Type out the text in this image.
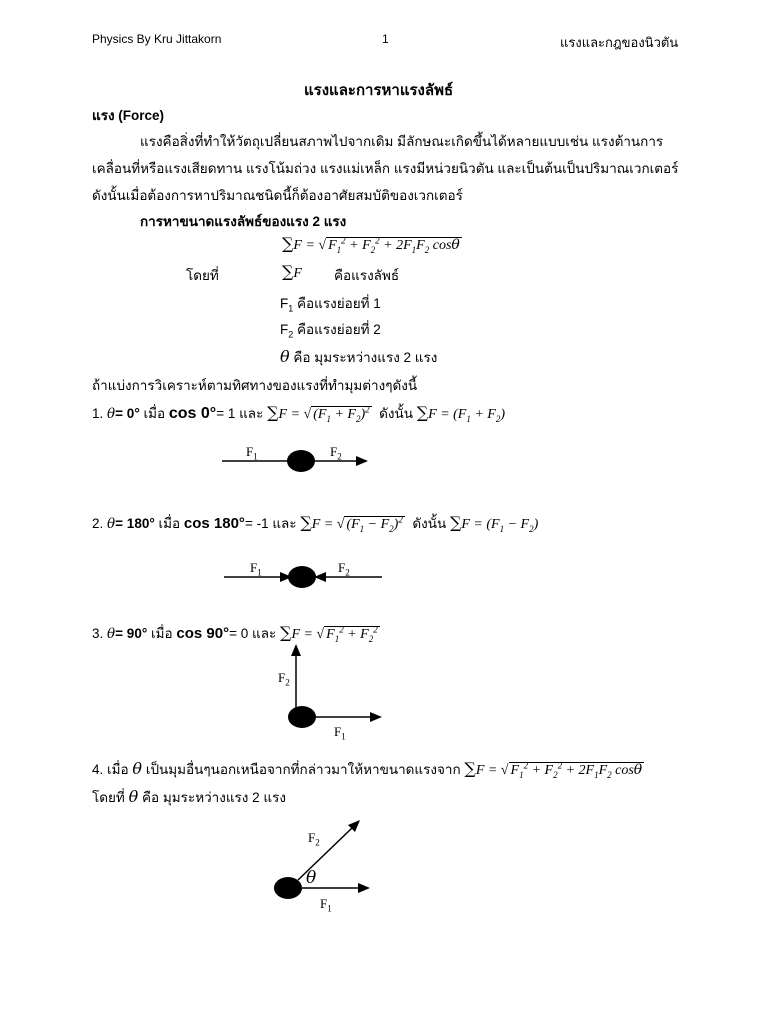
Physics By Kru Jittakorn	1	แรงและกฎของนิวตัน
แรงและการหาแรงลัพธ์
แรง (Force)
แรงคือสิ่งที่ทำให้วัตถุเปลี่ยนสภาพไปจากเดิม มีลักษณะเกิดขึ้นได้หลายแบบเช่น แรงต้านการ
เคลื่อนที่หรือแรงเสียดทาน แรงโน้มถ่วง แรงแม่เหล็ก แรงมีหน่วยนิวตัน และเป็นต้นเป็นปริมาณเวกเตอร์
ดังนั้นเมื่อต้องการหาปริมาณชนิดนี้ก็ต้องอาศัยสมบัติของเวกเตอร์
การหาขนาดแรงลัพธ์ของแรง 2 แรง
∑F = √ $F_1^2 + F_2^2 + 2F_1F_2$ cosθ
โดยที่	∑F คือแรงลัพธ์
$F_1$ คือแรงย่อยที่ 1
$F_2$ คือแรงย่อยที่ 2
θ คือ มุมระหว่างแรง 2 แรง
ถ้าแบ่งการวิเคราะห์ตามทิศทางของแรงที่ทำมุมต่างๆดังนี้
1. θ= 0° เมื่อ cos 0°= 1 และ ∑F = √ $(F_1 + F_2)^2$ ดังนั้น $\sum F = (F_1 + F_2)$
$F_1$	$F_2$
2. θ= 180° เมื่อ cos 180°= -1 และ ∑F = √ $(F_1 - F_2)^2$ ดังนั้น $\sum F = (F_1 - F_2)$
$F_1$	$F_2$
3. θ= 90° เมื่อ cos 90°= 0 และ ∑F = √ $F_1^2 + F_2^2$
$F_2$
$F_1$
4. เมื่อ θ เป็นมุมอื่นๆนอกเหนือจากที่กล่าวมาให้หาขนาดแรงจาก ∑F = √ $F_1^2 + F_2^2 + 2F_1F_2$ cosθ
โดยที่ θ คือ มุมระหว่างแรง 2 แรง
$F_2$
θ
$F_1$
